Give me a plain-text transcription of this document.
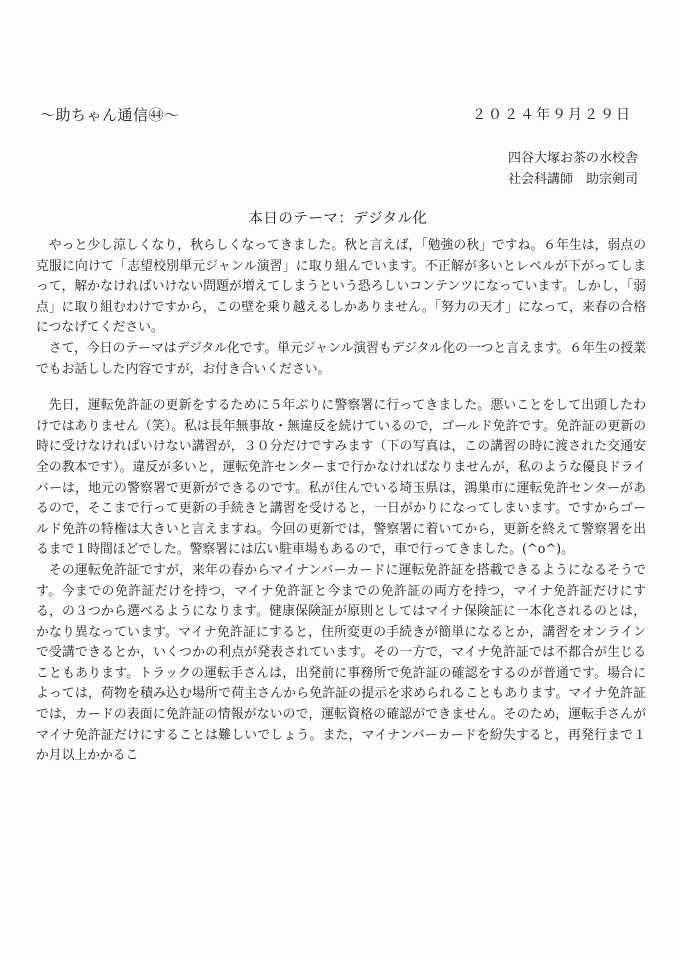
～助ちゃん通信㊹～	２０２４年９月２９日
四谷大塚お茶の水校舎
社会科講師　助宗剣司
本日のテーマ：デジタル化

やっと少し涼しくなり，秋らしくなってきました。秋と言えば，「勉強の秋」ですね。６年生は，弱点の克服に向けて「志望校別単元ジャンル演習」に取り組んでいます。不正解が多いとレベルが下がってしまって，解かなければいけない問題が増えてしまうという恐ろしいコンテンツになっています。しかし，「弱点」に取り組むわけですから，この壁を乗り越えるしかありません。「努力の天才」になって，来春の合格につなげてください。

さて，今日のテーマはデジタル化です。単元ジャンル演習もデジタル化の一つと言えます。６年生の授業でもお話しした内容ですが，お付き合いください。

先日，運転免許証の更新をするために５年ぶりに警察署に行ってきました。悪いことをして出頭したわけではありません（笑）。私は長年無事故・無違反を続けているので，ゴールド免許です。免許証の更新の時に受けなければいけない講習が，３０分だけですみます（下の写真は，この講習の時に渡された交通安全の教本です）。違反が多いと，運転免許センターまで行かなければなりませんが，私のような優良ドライバーは，地元の警察署で更新ができるのです。私が住んでいる埼玉県は，鴻巣市に運転免許センターがあるので，そこまで行って更新の手続きと講習を受けると，一日がかりになってしまいます。ですからゴールド免許の特権は大きいと言えますね。今回の更新では，警察署に着いてから，更新を終えて警察署を出るまで１時間ほどでした。警察署には広い駐車場もあるので，車で行ってきました。(^o^)。

その運転免許証ですが，来年の春からマイナンバーカードに運転免許証を搭載できるようになるそうです。今までの免許証だけを持つ，マイナ免許証と今までの免許証の両方を持つ，マイナ免許証だけにする，の３つから選べるようになります。健康保険証が原則としてはマイナ保険証に一本化されるのとは，かなり異なっています。マイナ免許証にすると，住所変更の手続きが簡単になるとか，講習をオンラインで受講できるとか，いくつかの利点が発表されています。その一方で，マイナ免許証では不都合が生じることもあります。トラックの運転手さんは，出発前に事務所で免許証の確認をするのが普通です。場合によっては，荷物を積み込む場所で荷主さんから免許証の提示を求められることもあります。マイナ免許証では，カードの表面に免許証の情報がないので，運転資格の確認ができません。そのため，運転手さんがマイナ免許証だけにすることは難しいでしょう。また，マイナンバーカードを紛失すると，再発行まで１か月以上かかるこ
